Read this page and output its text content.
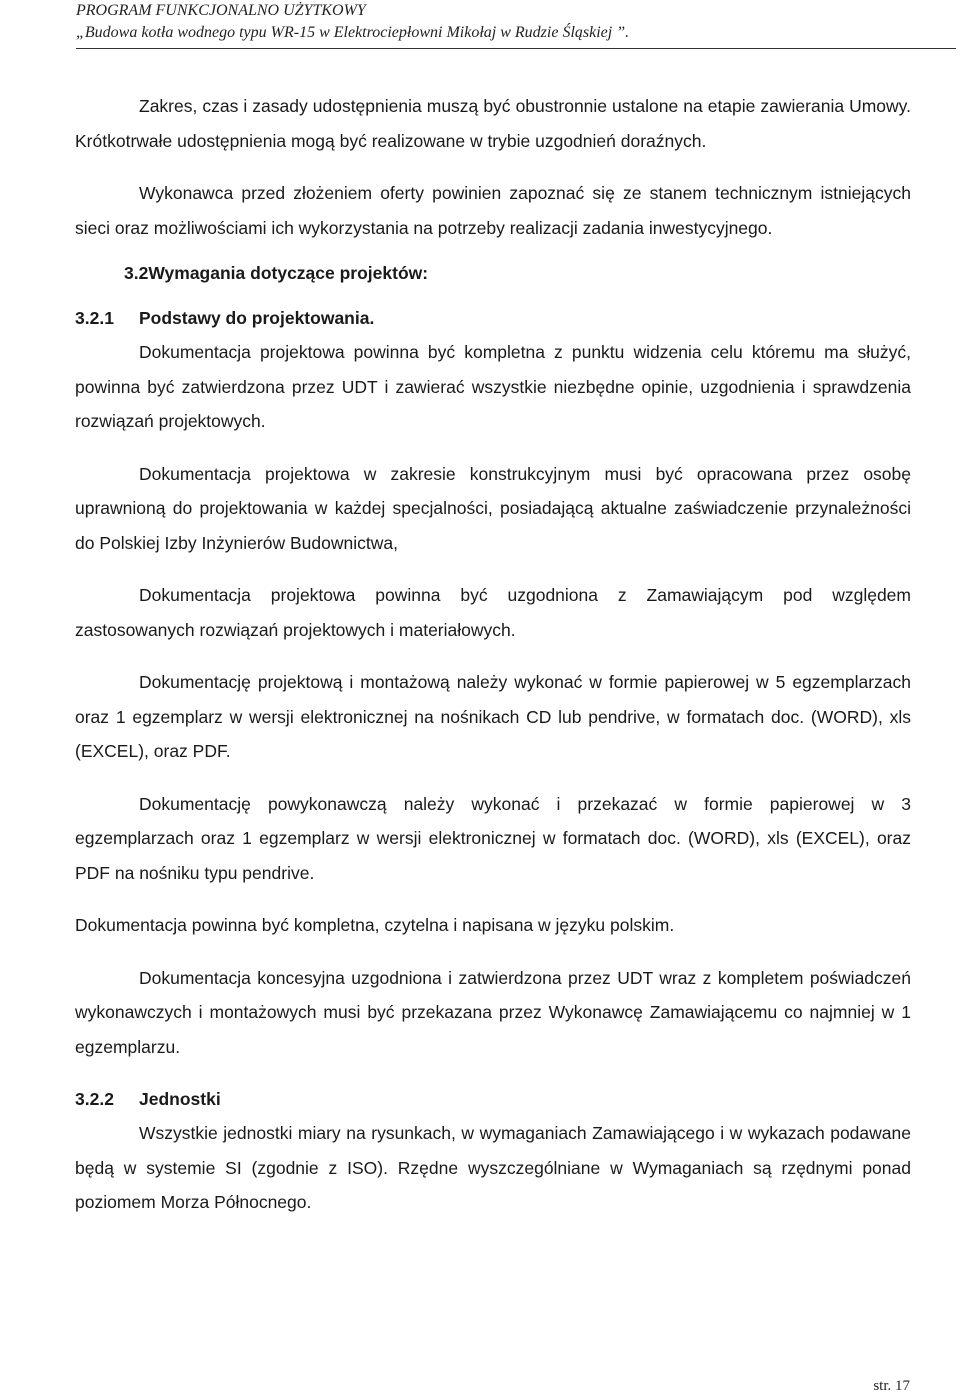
PROGRAM FUNKCJONALNO UŻYTKOWY
„Budowa kotła wodnego typu WR-15 w Elektrociepłowni Mikołaj w Rudzie Śląskiej ”.

Zakres, czas i zasady udostępnienia muszą być obustronnie ustalone na etapie zawierania Umowy. Krótkotrwałe udostępnienia mogą być realizowane w trybie uzgodnień doraźnych.

Wykonawca przed złożeniem oferty powinien zapoznać się ze stanem technicznym istniejących sieci oraz możliwościami ich wykorzystania na potrzeby realizacji zadania inwestycyjnego.

3.2Wymagania dotyczące projektów:
3.2.1 Podstawy do projektowania.

Dokumentacja projektowa powinna być kompletna z punktu widzenia celu któremu ma służyć, powinna być zatwierdzona przez UDT i zawierać wszystkie niezbędne opinie, uzgodnienia i sprawdzenia rozwiązań projektowych.

Dokumentacja projektowa w zakresie konstrukcyjnym musi być opracowana przez osobę uprawnioną do projektowania w każdej specjalności, posiadającą aktualne zaświadczenie przynależności do Polskiej Izby Inżynierów Budownictwa,

Dokumentacja projektowa powinna być uzgodniona z Zamawiającym pod względem zastosowanych rozwiązań projektowych i materiałowych.

Dokumentację projektową i montażową należy wykonać w formie papierowej w 5 egzemplarzach oraz 1 egzemplarz w wersji elektronicznej na nośnikach CD lub pendrive, w formatach doc. (WORD), xls (EXCEL), oraz PDF.

Dokumentację powykonawczą należy wykonać i przekazać w formie papierowej w 3 egzemplarzach oraz 1 egzemplarz w wersji elektronicznej w formatach doc. (WORD), xls (EXCEL), oraz PDF na nośniku typu pendrive.

Dokumentacja powinna być kompletna, czytelna i napisana w języku polskim.

Dokumentacja koncesyjna uzgodniona i zatwierdzona przez UDT wraz z kompletem poświadczeń wykonawczych i montażowych musi być przekazana przez Wykonawcę Zamawiającemu co najmniej w 1 egzemplarzu.

3.2.2 Jednostki

Wszystkie jednostki miary na rysunkach, w wymaganiach Zamawiającego i w wykazach podawane będą w systemie SI (zgodnie z ISO). Rzędne wyszczególniane w Wymaganiach są rzędnymi ponad poziomem Morza Północnego.

str. 17
